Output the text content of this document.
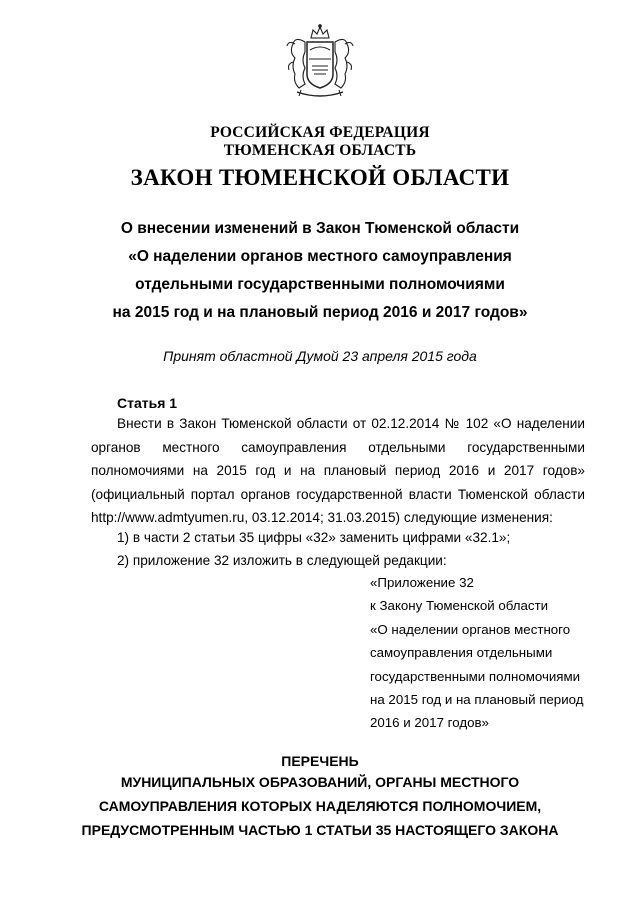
РОССИЙСКАЯ ФЕДЕРАЦИЯ
ТЮМЕНСКАЯ ОБЛАСТЬ
ЗАКОН ТЮМЕНСКОЙ ОБЛАСТИ
О внесении изменений в Закон Тюменской области
«О наделении органов местного самоуправления
отдельными государственными полномочиями
на 2015 год и на плановый период 2016 и 2017 годов»
Принят областной Думой 23 апреля 2015 года
Статья 1

Внести в Закон Тюменской области от 02.12.2014 № 102 «О наделении

органов местного самоуправления отдельными государственными

полномочиями на 2015 год и на плановый период 2016 и 2017 годов»

(официальный портал органов государственной власти Тюменской области

http://www.admtyumen.ru, 03.12.2014; 31.03.2015) следующие изменения:

1) в части 2 статьи 35 цифры «32» заменить цифрами «32.1»;
2) приложение 32 изложить в следующей редакции:
«Приложение 32
к Закону Тюменской области
«О наделении органов местного
самоуправления отдельными
государственными полномочиями
на 2015 год и на плановый период
2016 и 2017 годов»
ПЕРЕЧЕНЬ
МУНИЦИПАЛЬНЫХ ОБРАЗОВАНИЙ, ОРГАНЫ МЕСТНОГО
САМОУПРАВЛЕНИЯ КОТОРЫХ НАДЕЛЯЮТСЯ ПОЛНОМОЧИЕМ,
ПРЕДУСМОТРЕННЫМ ЧАСТЬЮ 1 СТАТЬИ 35 НАСТОЯЩЕГО ЗАКОНА
